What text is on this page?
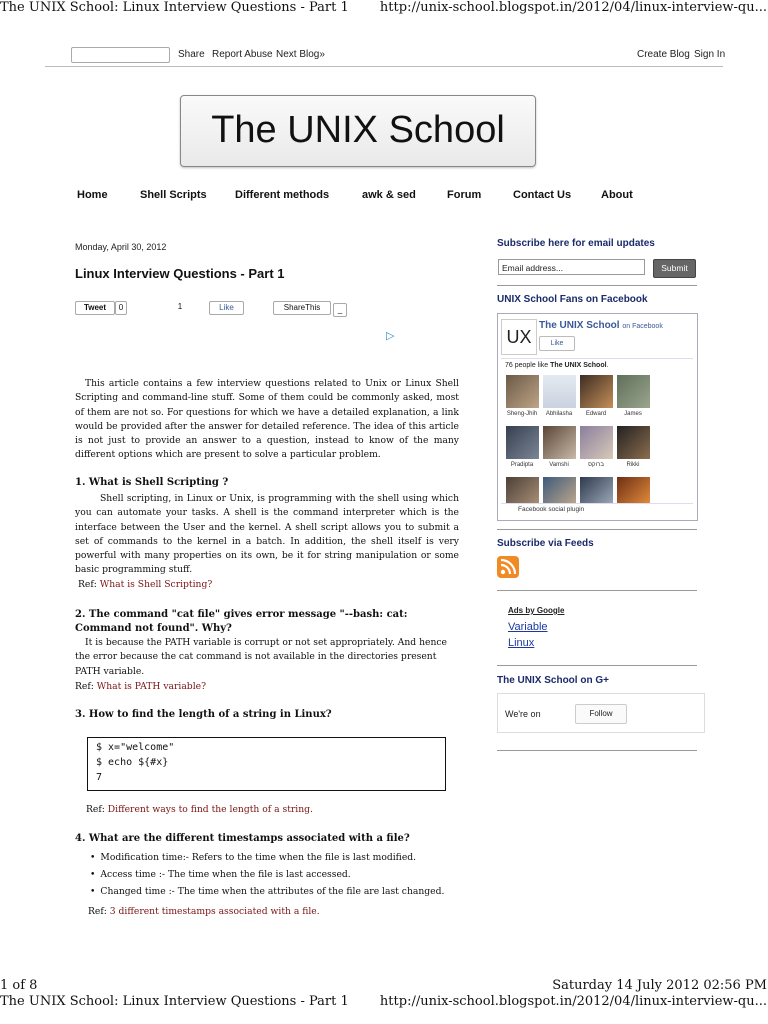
The UNIX School: Linux Interview Questions - Part 1 http://unix-school.blogspot.in/2012/04/linux-interview-qu...
Share Report Abuse Next Blog»	Create Blog Sign In
The UNIX School
Home	Shell Scripts	Different methods	awk & sed	Forum	Contact Us	About
Monday, April 30, 2012
Linux Interview Questions - Part 1
Tweet	0	1	Like	ShareThis	_
▷

This article contains a few interview questions related to Unix or Linux Shell Scripting and command-line stuff. Some of them could be commonly asked, most of them are not so. For questions for which we have a detailed explanation, a link would be provided after the answer for detailed reference. The idea of this article is not just to provide an answer to a question, instead to know of the many different options which are present to solve a particular problem.

1. What is Shell Scripting ?

Shell scripting, in Linux or Unix, is programming with the shell using which you can automate your tasks. A shell is the command interpreter which is the interface between the User and the kernel. A shell script allows you to submit a set of commands to the kernel in a batch. In addition, the shell itself is very powerful with many properties on its own, be it for string manipulation or some basic programming stuff.

Ref: What is Shell Scripting?
2. The command "cat file" gives error message "--bash: cat: Command not found". Why?

It is because the PATH variable is corrupt or not set appropriately. And hence the error because the cat command is not available in the directories present PATH variable.

Ref: What is PATH variable?
3. How to find the length of a string in Linux?
$ x="welcome"
$ echo ${#x}
7
Ref: Different ways to find the length of a string.
4. What are the different timestamps associated with a file?
• Modification time:- Refers to the time when the file is last modified.
• Access time :- The time when the file is last accessed.
• Changed time :- The time when the attributes of the file are last changed.
Ref: 3 different timestamps associated with a file.
Subscribe here for email updates
Email address...	Submit
UNIX School Fans on Facebook
UX
The UNIX School on Facebook
Like
76 people like The UNIX School.
Sheng-Jhih	Abhilasha	Edward	James
Pradipta	Vamshi	ברוקס	Rikki
Facebook social plugin
Subscribe via Feeds
Ads by Google
Variable
Linux
The UNIX School on G+
We're on	Follow
1 of 8	Saturday 14 July 2012 02:56 PM
The UNIX School: Linux Interview Questions - Part 1 http://unix-school.blogspot.in/2012/04/linux-interview-qu...
